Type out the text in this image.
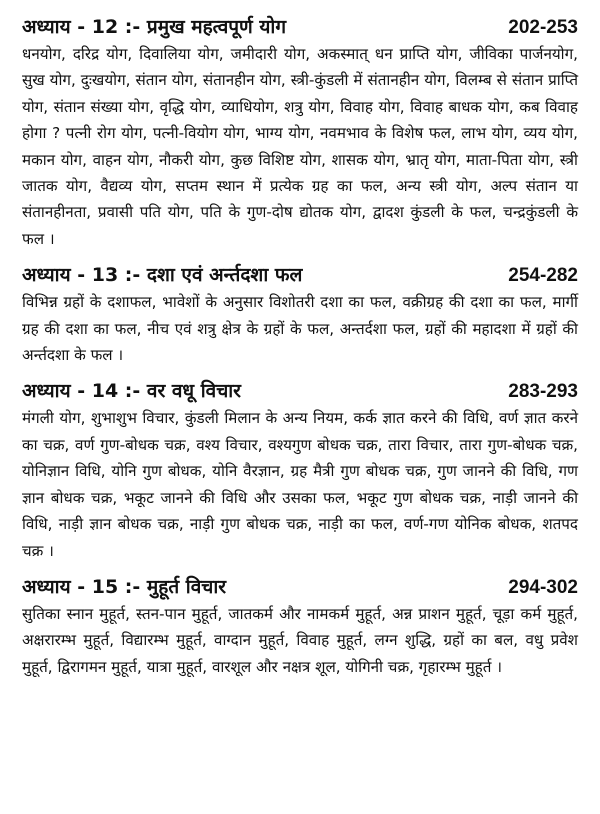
अध्याय - 12 :- प्रमुख महत्वपूर्ण योग	202-253

धनयोग, दरिद्र योग, दिवालिया योग, जमीदारी योग, अकस्मात् धन प्राप्ति योग, जीविका पार्जनयोग, सुख योग, दुःखयोग, संतान योग, संतानहीन योग, स्त्री-कुंडली में संतानहीन योग, विलम्ब से संतान प्राप्ति योग, संतान संख्या योग, वृद्धि योग, व्याधियोग, शत्रु योग, विवाह योग, विवाह बाधक योग, कब विवाह होगा ? पत्नी रोग योग, पत्नी-वियोग योग, भाग्य योग, नवमभाव के विशेष फल, लाभ योग, व्यय योग, मकान योग, वाहन योग, नौकरी योग, कुछ विशिष्ट योग, शासक योग, भ्रातृ योग, माता-पिता योग, स्त्री जातक योग, वैद्यव्य योग, सप्तम स्थान में प्रत्येक ग्रह का फल, अन्य स्त्री योग, अल्प संतान या संतानहीनता, प्रवासी पति योग, पति के गुण-दोष द्योतक योग, द्वादश कुंडली के फल, चन्द्रकुंडली के फल ।

अध्याय - 13 :- दशा एवं अर्न्तदशा फल	254-282

विभिन्न ग्रहों के दशाफल, भावेशों के अनुसार विशोतरी दशा का फल, वक्रीग्रह की दशा का फल, मार्गी ग्रह की दशा का फल, नीच एवं शत्रु क्षेत्र के ग्रहों के फल, अन्तर्दशा फल, ग्रहों की महादशा में ग्रहों की अर्न्तदशा के फल ।

अध्याय - 14 :- वर वधू विचार	283-293

मंगली योग, शुभाशुभ विचार, कुंडली मिलान के अन्य नियम, कर्क ज्ञात करने की विधि, वर्ण ज्ञात करने का चक्र, वर्ण गुण-बोधक चक्र, वश्य विचार, वश्यगुण बोधक चक्र, तारा विचार, तारा गुण-बोधक चक्र, योनिज्ञान विधि, योनि गुण बोधक, योनि वैरज्ञान, ग्रह मैत्री गुण बोधक चक्र, गुण जानने की विधि, गण ज्ञान बोधक चक्र, भकूट जानने की विधि और उसका फल, भकूट गुण बोधक चक्र, नाड़ी जानने की विधि, नाड़ी ज्ञान बोधक चक्र, नाड़ी गुण बोधक चक्र, नाड़ी का फल, वर्ण-गण योनिक बोधक, शतपद चक्र ।

अध्याय - 15 :- मुहूर्त विचार	294-302

सुतिका स्नान मुहूर्त, स्तन-पान मुहूर्त, जातकर्म और नामकर्म मुहूर्त, अन्न प्राशन मुहूर्त, चूड़ा कर्म मुहूर्त, अक्षरारम्भ मुहूर्त, विद्यारम्भ मुहूर्त, वाग्दान मुहूर्त, विवाह मुहूर्त, लग्न शुद्धि, ग्रहों का बल, वधु प्रवेश मुहूर्त, द्विरागमन मुहूर्त, यात्रा मुहूर्त, वारशूल और नक्षत्र शूल, योगिनी चक्र, गृहारम्भ मुहूर्त ।
